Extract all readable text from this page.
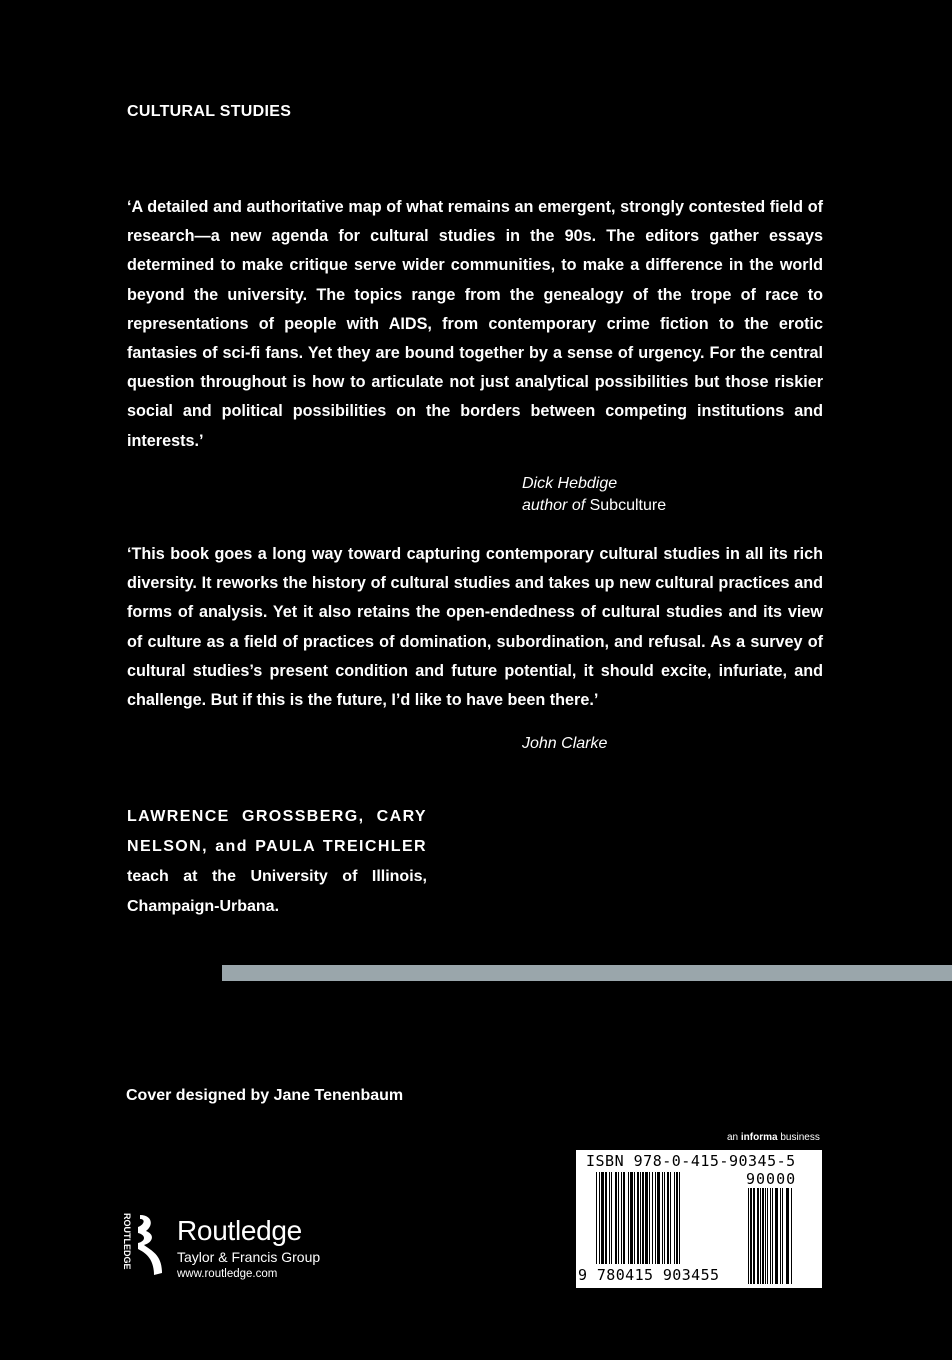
CULTURAL STUDIES

‘A detailed and authoritative map of what remains an emergent, strongly contested field of research—a new agenda for cultural studies in the 90s. The editors gather essays determined to make critique serve wider communities, to make a difference in the world beyond the university. The topics range from the genealogy of the trope of race to representations of people with AIDS, from contemporary crime fiction to the erotic fantasies of sci-fi fans. Yet they are bound together by a sense of urgency. For the central question throughout is how to articulate not just analytical possibilities but those riskier social and political possibilities on the borders between competing institutions and interests.’

Dick Hebdige
author of Subculture

‘This book goes a long way toward capturing contemporary cultural studies in all its rich diversity. It reworks the history of cultural studies and takes up new cultural practices and forms of analysis. Yet it also retains the open-endedness of cultural studies and its view of culture as a field of practices of domination, subordination, and refusal. As a survey of cultural studies’s present condition and future potential, it should excite, infuriate, and challenge. But if this is the future, I’d like to have been there.’

John Clarke

LAWRENCE GROSSBERG, CARY NELSON, and PAULA TREICHLER teach at the University of Illinois, Champaign-Urbana.

Cover designed by Jane Tenenbaum
an informa business
ISBN 978-0-415-90345-5
90000
9 780415 903455
ROUTLEDGE Routledge
Taylor & Francis Group
www.routledge.com
